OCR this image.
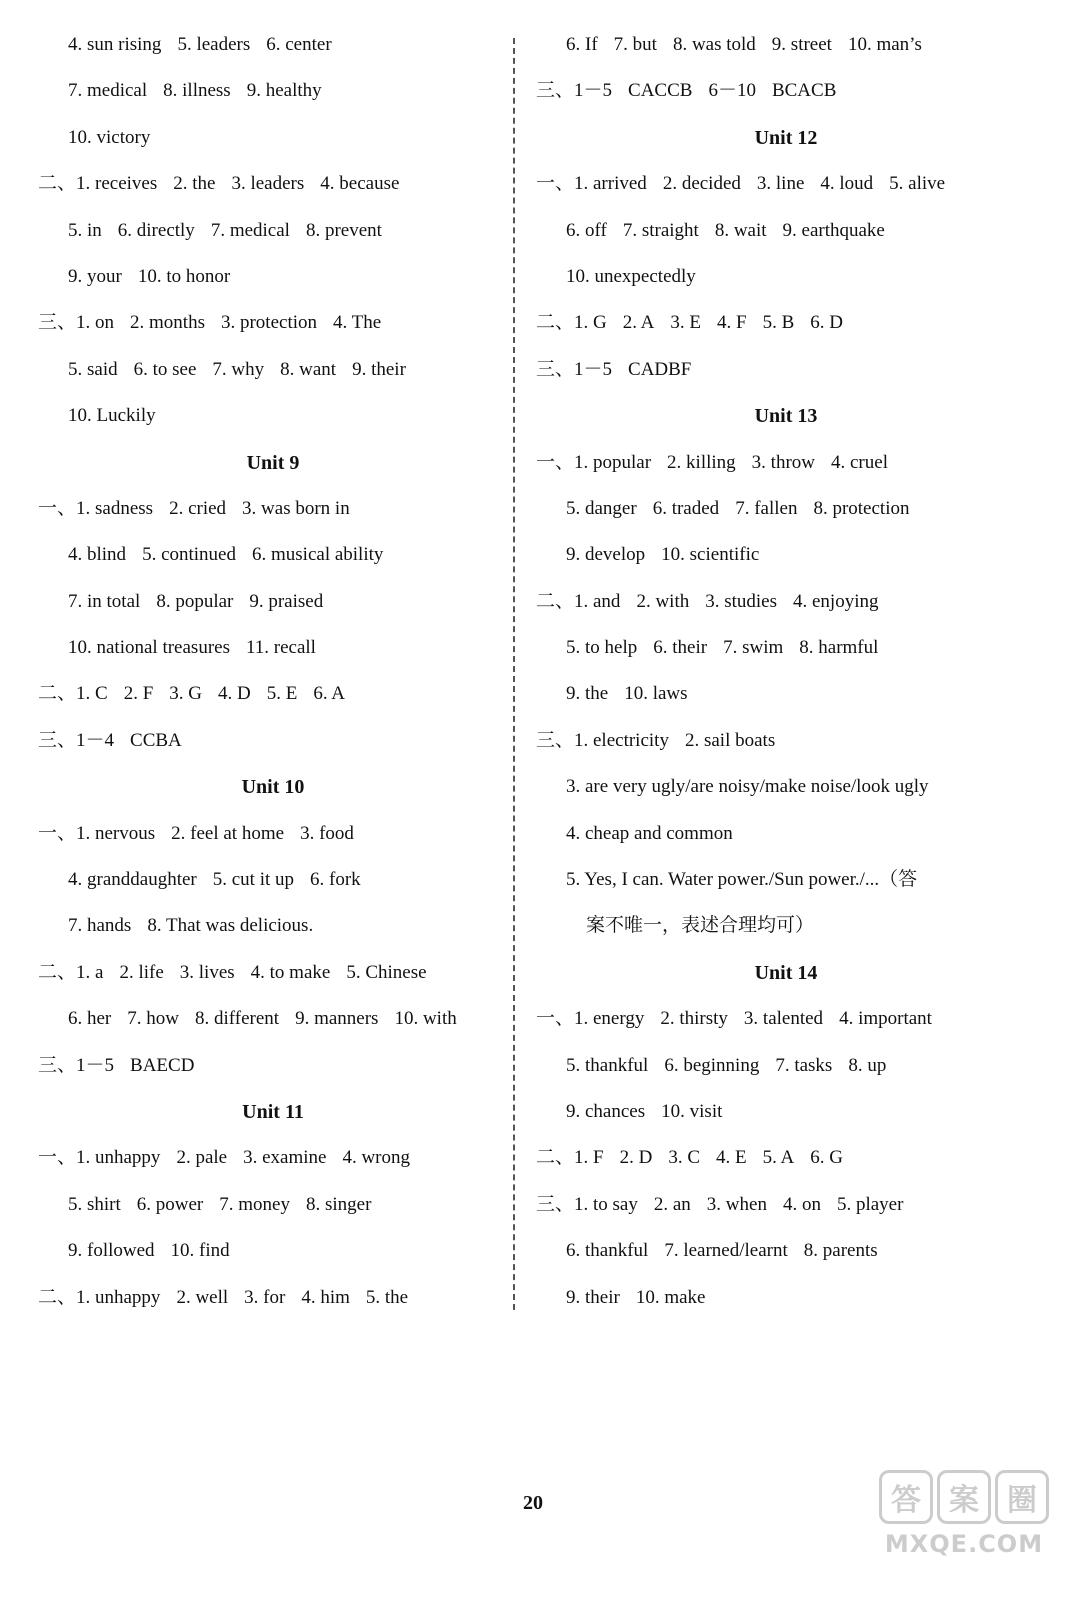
4. sun rising 5. leaders 6. center
7. medical 8. illness 9. healthy
10. victory
二、1. receives 2. the 3. leaders 4. because
5. in 6. directly 7. medical 8. prevent
9. your 10. to honor
三、1. on 2. months 3. protection 4. The
5. said 6. to see 7. why 8. want 9. their
10. Luckily
Unit 9
一、1. sadness 2. cried 3. was born in
4. blind 5. continued 6. musical ability
7. in total 8. popular 9. praised
10. national treasures 11. recall
二、1. C 2. F 3. G 4. D 5. E 6. A
三、1－4 CCBA
Unit 10
一、1. nervous 2. feel at home 3. food
4. granddaughter 5. cut it up 6. fork
7. hands 8. That was delicious.
二、1. a 2. life 3. lives 4. to make 5. Chinese
6. her 7. how 8. different 9. manners 10. with
三、1－5 BAECD
Unit 11
一、1. unhappy 2. pale 3. examine 4. wrong
5. shirt 6. power 7. money 8. singer
9. followed 10. find
二、1. unhappy 2. well 3. for 4. him 5. the
6. If 7. but 8. was told 9. street 10. man’s
三、1－5 CACCB 6－10 BCACB
Unit 12
一、1. arrived 2. decided 3. line 4. loud 5. alive
6. off 7. straight 8. wait 9. earthquake
10. unexpectedly
二、1. G 2. A 3. E 4. F 5. B 6. D
三、1－5 CADBF
Unit 13
一、1. popular 2. killing 3. throw 4. cruel
5. danger 6. traded 7. fallen 8. protection
9. develop 10. scientific
二、1. and 2. with 3. studies 4. enjoying
5. to help 6. their 7. swim 8. harmful
9. the 10. laws
三、1. electricity 2. sail boats
3. are very ugly/are noisy/make noise/look ugly
4. cheap and common
5. Yes, I can. Water power./Sun power./...（答
案不唯一，表述合理均可）
Unit 14
一、1. energy 2. thirsty 3. talented 4. important
5. thankful 6. beginning 7. tasks 8. up
9. chances 10. visit
二、1. F 2. D 3. C 4. E 5. A 6. G
三、1. to say 2. an 3. when 4. on 5. player
6. thankful 7. learned/learnt 8. parents
9. their 10. make
20	答 案 圈
MXQE.COM
